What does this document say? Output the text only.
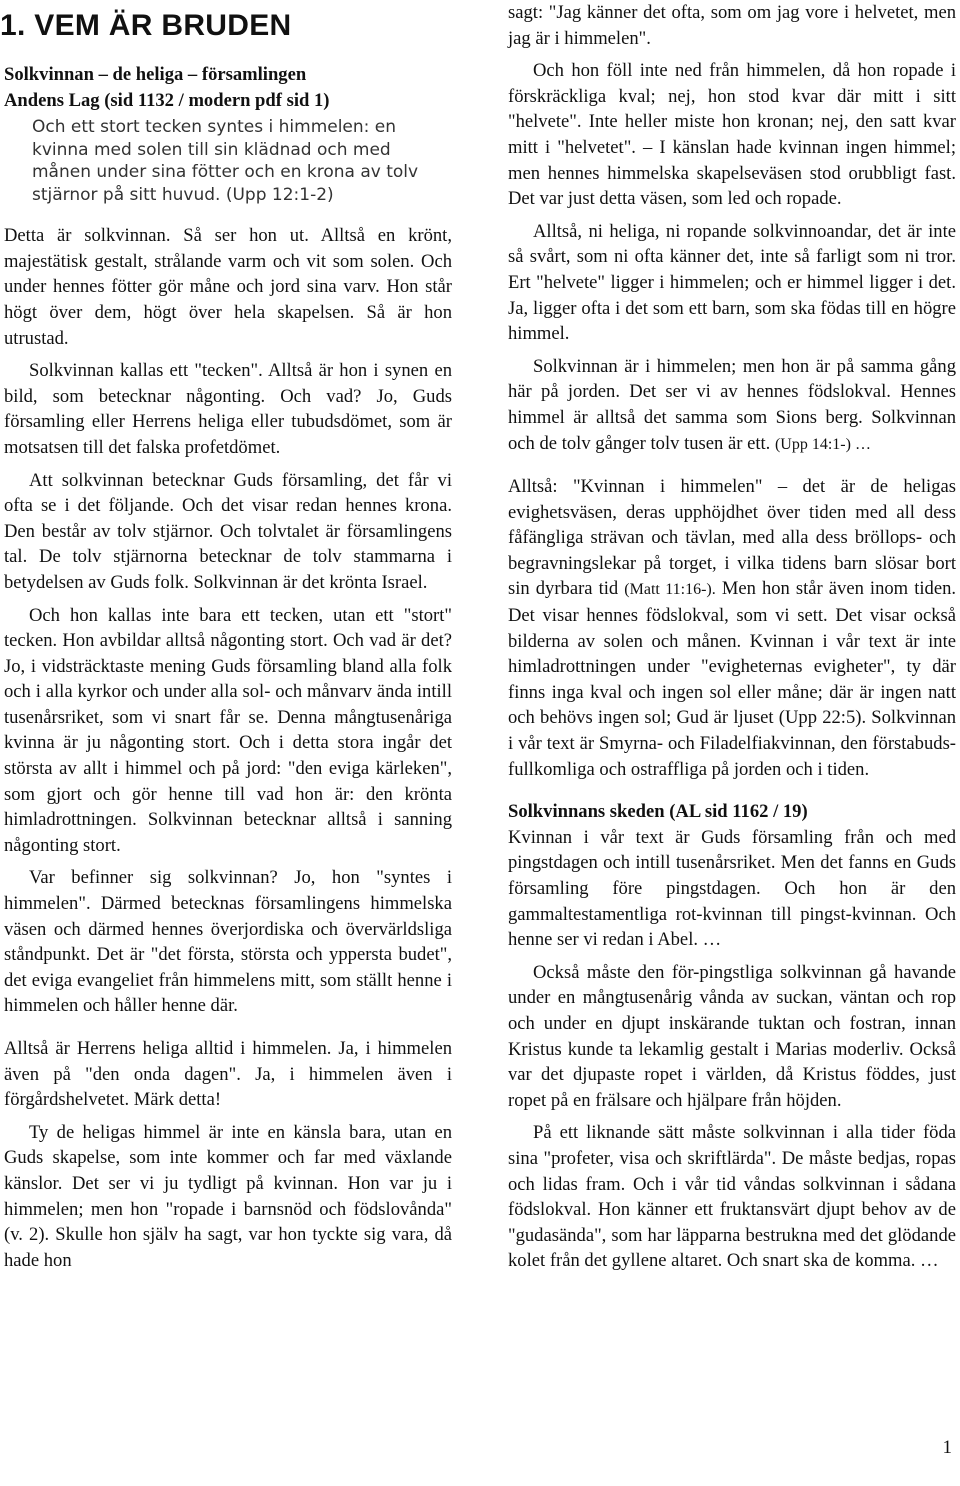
1. VEM ÄR BRUDEN

Solkvinnan – de heliga – församlingen

Andens Lag (sid 1132 / modern pdf sid 1)

Och ett stort tecken syntes i himmelen: en kvinna med solen till sin klädnad och med månen under sina fötter och en krona av tolv stjärnor på sitt huvud. (Upp 12:1-2)

Detta är solkvinnan. Så ser hon ut. Alltså en krönt, majestätisk gestalt, strålande varm och vit som solen. Och under hennes fötter gör måne och jord sina varv. Hon står högt över dem, högt över hela skapelsen. Så är hon utrustad.

Solkvinnan kallas ett "tecken". Alltså är hon i synen en bild, som betecknar någonting. Och vad? Jo, Guds församling eller Herrens heliga eller tubudsdömet, som är motsatsen till det falska profetdömet.

Att solkvinnan betecknar Guds församling, det får vi ofta se i det följande. Och det visar redan hennes krona. Den består av tolv stjärnor. Och tolvtalet är församlingens tal. De tolv stjärnorna betecknar de tolv stammarna i betydelsen av Guds folk. Solkvinnan är det krönta Israel.

Och hon kallas inte bara ett tecken, utan ett "stort" tecken. Hon avbildar alltså någonting stort. Och vad är det? Jo, i vidsträcktaste mening Guds församling bland alla folk och i alla kyrkor och under alla sol- och månvarv ända intill tusenårsriket, som vi snart får se. Denna mångtusenåriga kvinna är ju någonting stort. Och i detta stora ingår det största av allt i himmel och på jord: "den eviga kärleken", som gjort och gör henne till vad hon är: den krönta himladrottningen. Solkvinnan betecknar alltså i sanning någonting stort.

Var befinner sig solkvinnan? Jo, hon "syntes i himmelen". Därmed betecknas församlingens himmelska väsen och därmed hennes överjordiska och övervärldsliga ståndpunkt. Det är "det första, största och yppersta budet", det eviga evangeliet från himmelens mitt, som ställt henne i himmelen och håller henne där.

Alltså är Herrens heliga alltid i himmelen. Ja, i himmelen även på "den onda dagen". Ja, i himmelen även i förgårdshelvetet. Märk detta!

Ty de heligas himmel är inte en känsla bara, utan en Guds skapelse, som inte kommer och far med växlande känslor. Det ser vi ju tydligt på kvinnan. Hon var ju i himmelen; men hon "ropade i barnsnöd och födslovånda" (v. 2). Skulle hon själv ha sagt, var hon tyckte sig vara, då hade hon

sagt: "Jag känner det ofta, som om jag vore i helvetet, men jag är i himmelen".

Och hon föll inte ned från himmelen, då hon ropade i förskräckliga kval; nej, hon stod kvar där mitt i sitt "helvete". Inte heller miste hon kronan; nej, den satt kvar mitt i "helvetet". – I känslan hade kvinnan ingen himmel; men hennes himmelska skapelseväsen stod orubbligt fast. Det var just detta väsen, som led och ropade.

Alltså, ni heliga, ni ropande solkvinnoandar, det är inte så svårt, som ni ofta känner det, inte så farligt som ni tror. Ert "helvete" ligger i himmelen; och er himmel ligger i det. Ja, ligger ofta i det som ett barn, som ska födas till en högre himmel.

Solkvinnan är i himmelen; men hon är på samma gång här på jorden. Det ser vi av hennes födslokval. Hennes himmel är alltså det samma som Sions berg. Solkvinnan och de tolv gånger tolv tusen är ett. (Upp 14:1-) …

Alltså: "Kvinnan i himmelen" – det är de heligas evighetsväsen, deras upphöjdhet över tiden med all dess fåfängliga strävan och tävlan, med alla dess bröllops- och begravningslekar på torget, i vilka tidens barn slösar bort sin dyrbara tid (Matt 11:16-). Men hon står även inom tiden. Det visar hennes födslokval, som vi sett. Det visar också bilderna av solen och månen. Kvinnan i vår text är inte himladrottningen under "evigheternas evigheter", ty där finns inga kval och ingen sol eller måne; där är ingen natt och behövs ingen sol; Gud är ljuset (Upp 22:5). Solkvinnan i vår text är Smyrna- och Filadelfiakvinnan, den förstabuds-fullkomliga och ostraffliga på jorden och i tiden.

Solkvinnans skeden (AL sid 1162 / 19)

Kvinnan i vår text är Guds församling från och med pingstdagen och intill tusenårsriket. Men det fanns en Guds församling före pingstdagen. Och hon är den gammaltestamentliga rot-kvinnan till pingst-kvinnan. Och henne ser vi redan i Abel. …

Också måste den för-pingstliga solkvinnan gå havande under en mångtusenårig vånda av suckan, väntan och rop och under en djupt inskärande tuktan och fostran, innan Kristus kunde ta lekamlig gestalt i Marias moderliv. Också var det djupaste ropet i världen, då Kristus föddes, just ropet på en frälsare och hjälpare från höjden.

På ett liknande sätt måste solkvinnan i alla tider föda sina "profeter, visa och skriftlärda". De måste bedjas, ropas och lidas fram. Och i vår tid våndas solkvinnan i sådana födslokval. Hon känner ett fruktansvärt djupt behov av de "gudasända", som har läpparna bestrukna med det glödande kolet från det gyllene altaret. Och snart ska de komma. …

1
